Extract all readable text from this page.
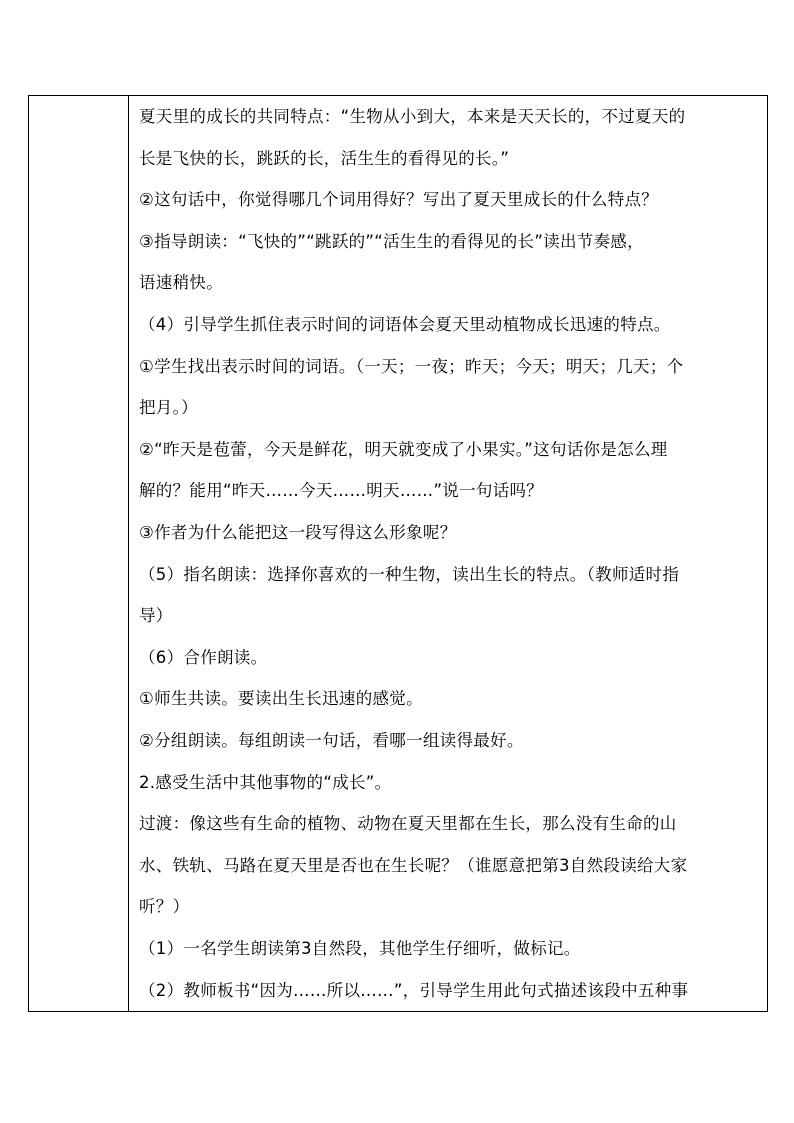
夏天里的成长的共同特点：“生物从小到大，本来是天天长的，不过夏天的
长是飞快的长，跳跃的长，活生生的看得见的长。”
②这句话中，你觉得哪几个词用得好？写出了夏天里成长的什么特点？
③指导朗读：“飞快的”“跳跃的”“活生生的看得见的长”读出节奏感，
语速稍快。
（4）引导学生抓住表示时间的词语体会夏天里动植物成长迅速的特点。
①学生找出表示时间的词语。（一天；一夜；昨天；今天；明天；几天；个
把月。）
②“昨天是苞蕾，今天是鲜花，明天就变成了小果实。”这句话你是怎么理
解的？能用“昨天……今天……明天……”说一句话吗？
③作者为什么能把这一段写得这么形象呢？
（5）指名朗读：选择你喜欢的一种生物，读出生长的特点。（教师适时指
导）
（6）合作朗读。
①师生共读。要读出生长迅速的感觉。
②分组朗读。每组朗读一句话，看哪一组读得最好。
2.感受生活中其他事物的“成长”。
过渡：像这些有生命的植物、动物在夏天里都在生长，那么没有生命的山
水、铁轨、马路在夏天里是否也在生长呢？（谁愿意把第3自然段读给大家
听？）
（1）一名学生朗读第3自然段，其他学生仔细听，做标记。
（2）教师板书“因为……所以……”，引导学生用此句式描述该段中五种事
